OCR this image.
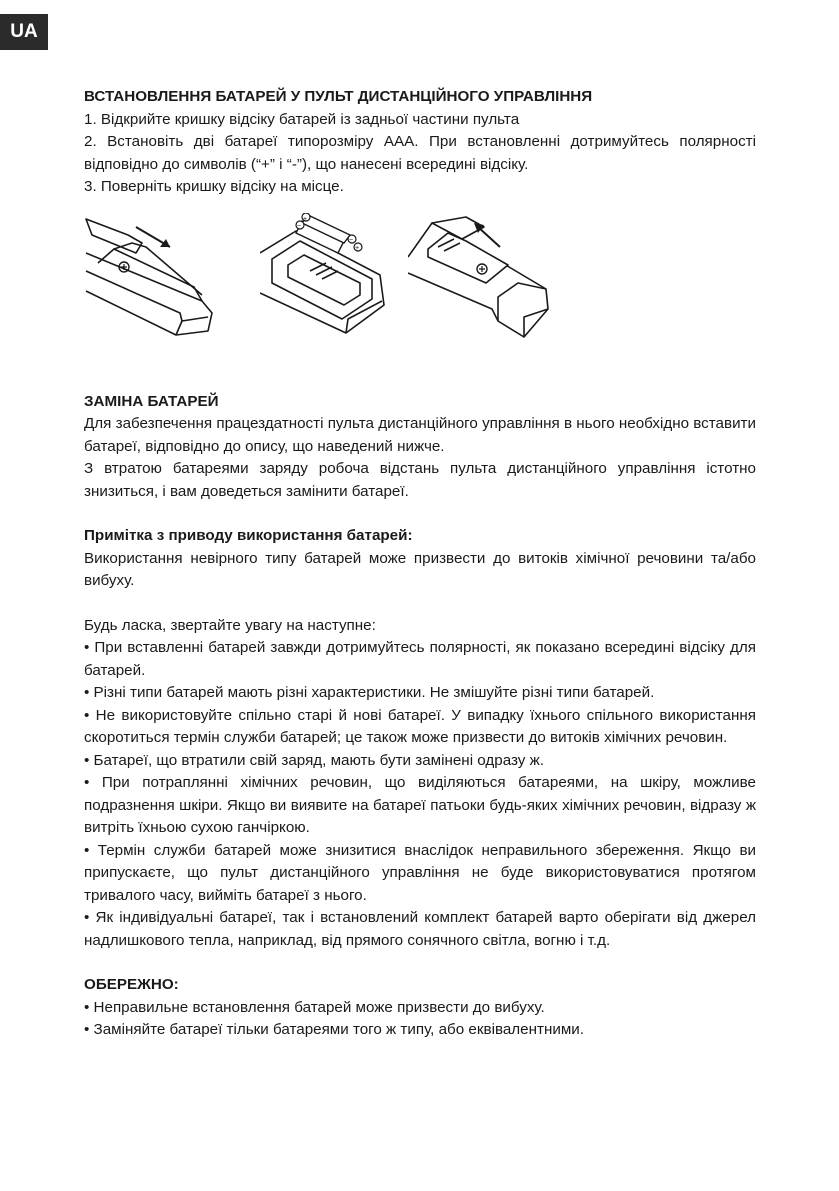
UA

ВСТАНОВЛЕННЯ БАТАРЕЙ У ПУЛЬТ ДИСТАНЦІЙНОГО УПРАВЛІННЯ

1. Відкрийте кришку відсіку батарей із задньої частини пульта

2. Встановіть дві батареї типорозміру ААА. При встановленні дотримуйтесь полярності відповідно до символів (“+” і “-”), що нанесені всередині відсіку.

3. Поверніть кришку відсіку на місце.

+
−
−
+

ЗАМІНА БАТАРЕЙ

Для забезпечення працездатності пульта дистанційного управління в нього необхідно вставити батареї, відповідно до опису, що наведений нижче.

З втратою батареями заряду робоча відстань пульта дистанційного управління істотно знизиться, і вам доведеться замінити батареї.

Примітка з приводу використання батарей:

Використання невірного типу батарей може призвести до витоків хімічної речовини та/або вибуху.

Будь ласка, звертайте увагу на наступне:

• При вставленні батарей завжди дотримуйтесь полярності, як показано всередині відсіку для батарей.

• Різні типи батарей мають різні характеристики. Не змішуйте різні типи батарей.

• Не використовуйте спільно старі й нові батареї. У випадку їхнього спільного використання скоротиться термін служби батарей; це також може призвести до витоків хімічних речовин.

• Батареї, що втратили свій заряд, мають бути замінені одразу ж.

• При потраплянні хімічних речовин, що виділяються батареями, на шкіру, можливе подразнення шкіри. Якщо ви виявите на батареї патьоки будь-яких хімічних речовин, відразу ж витріть їхньою сухою ганчіркою.

• Термін служби батарей може знизитися внаслідок неправильного збереження. Якщо ви припускаєте, що пульт дистанційного управління не буде використовуватися протягом тривалого часу, вийміть батареї з нього.

• Як індивідуальні батареї, так і встановлений комплект батарей варто оберігати від джерел надлишкового тепла, наприклад, від прямого сонячного світла, вогню і т.д.

ОБЕРЕЖНО:

• Неправильне встановлення батарей може призвести до вибуху.

• Заміняйте батареї тільки батареями того ж типу, або еквівалентними.
